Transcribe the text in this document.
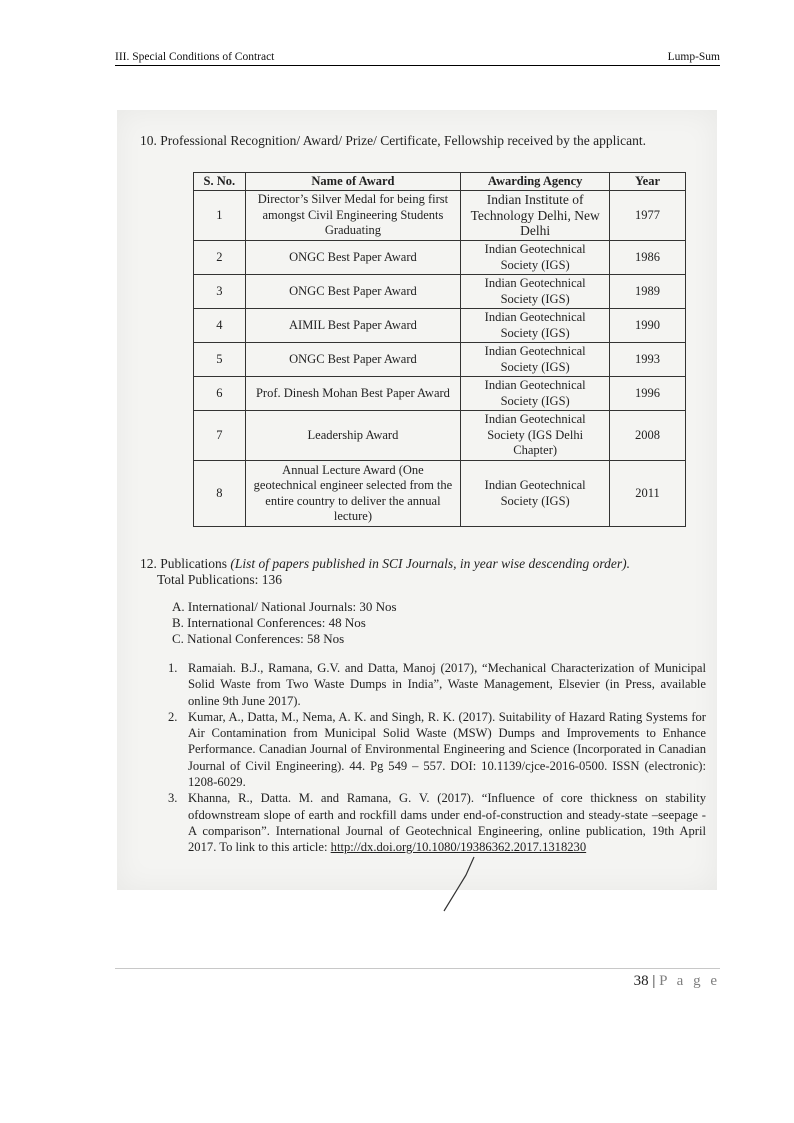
III. Special Conditions of Contract	Lump-Sum
10. Professional Recognition/ Award/ Prize/ Certificate, Fellowship received by the applicant.
S. No.	Name of Award	Awarding Agency	Year
1	Director’s Silver Medal for being first amongst Civil Engineering Students Graduating	Indian Institute of Technology Delhi, New Delhi	1977
2	ONGC Best Paper Award	Indian Geotechnical Society (IGS)	1986
3	ONGC Best Paper Award	Indian Geotechnical Society (IGS)	1989
4	AIMIL Best Paper Award	Indian Geotechnical Society (IGS)	1990
5	ONGC Best Paper Award	Indian Geotechnical Society (IGS)	1993
6	Prof. Dinesh Mohan Best Paper Award	Indian Geotechnical Society (IGS)	1996
7	Leadership Award	Indian Geotechnical Society (IGS Delhi Chapter)	2008
8	Annual Lecture Award (One geotechnical engineer selected from the entire country to deliver the annual lecture)	Indian Geotechnical Society (IGS)	2011
12. Publications (List of papers published in SCI Journals, in year wise descending order).
Total Publications: 136
A. International/ National Journals: 30 Nos
B. International Conferences: 48 Nos
C. National Conferences: 58 Nos
1. Ramaiah. B.J., Ramana, G.V. and Datta, Manoj (2017), “Mechanical Characterization of Municipal Solid Waste from Two Waste Dumps in India”, Waste Management, Elsevier (in Press, available online 9th June 2017).
2. Kumar, A., Datta, M., Nema, A. K. and Singh, R. K. (2017). Suitability of Hazard Rating Systems for Air Contamination from Municipal Solid Waste (MSW) Dumps and Improvements to Enhance Performance. Canadian Journal of Environmental Engineering and Science (Incorporated in Canadian Journal of Civil Engineering). 44. Pg 549 – 557. DOI: 10.1139/cjce-2016-0500. ISSN (electronic): 1208-6029.
3. Khanna, R., Datta. M. and Ramana, G. V. (2017). “Influence of core thickness on stability ofdownstream slope of earth and rockfill dams under end-of-construction and steady-state –seepage - A comparison”. International Journal of Geotechnical Engineering, online publication, 19th April 2017. To link to this article: http://dx.doi.org/10.1080/19386362.2017.1318230
38 | P a g e
